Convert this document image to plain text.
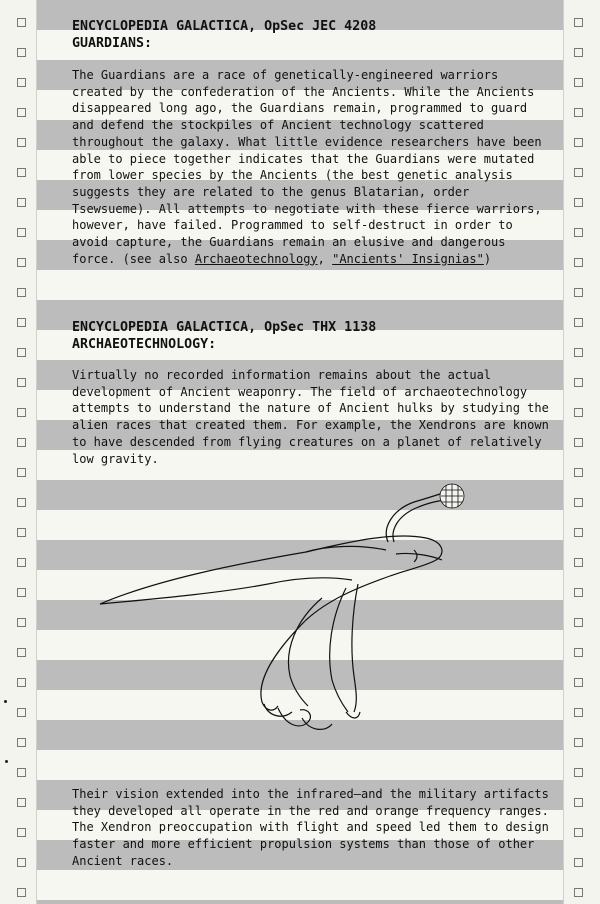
ENCYCLOPEDIA GALACTICA, OpSec JEC 4208

GUARDIANS:

The Guardians are a race of genetically-engineered warriors created by the confederation of the Ancients. While the Ancients disappeared long ago, the Guardians remain, programmed to guard and defend the stockpiles of Ancient technology scattered throughout the galaxy. What little evidence researchers have been able to piece together indicates that the Guardians were mutated from lower species by the Ancients (the best genetic analysis suggests they are related to the genus Blatarian, order Tsewsueme). All attempts to negotiate with these fierce warriors, however, have failed. Programmed to self-destruct in order to avoid capture, the Guardians remain an elusive and dangerous force. (see also Archaeotechnology, "Ancients' Insignias")

ENCYCLOPEDIA GALACTICA, OpSec THX 1138

ARCHAEOTECHNOLOGY:

Virtually no recorded information remains about the actual development of Ancient weaponry. The field of archaeotechnology attempts to understand the nature of Ancient hulks by studying the alien races that created them. For example, the Xendrons are known to have descended from flying creatures on a planet of relatively low gravity.

Their vision extended into the infrared—and the military artifacts they developed all operate in the red and orange frequency ranges. The Xendron preoccupation with flight and speed led them to design faster and more efficient propulsion systems than those of other Ancient races.
